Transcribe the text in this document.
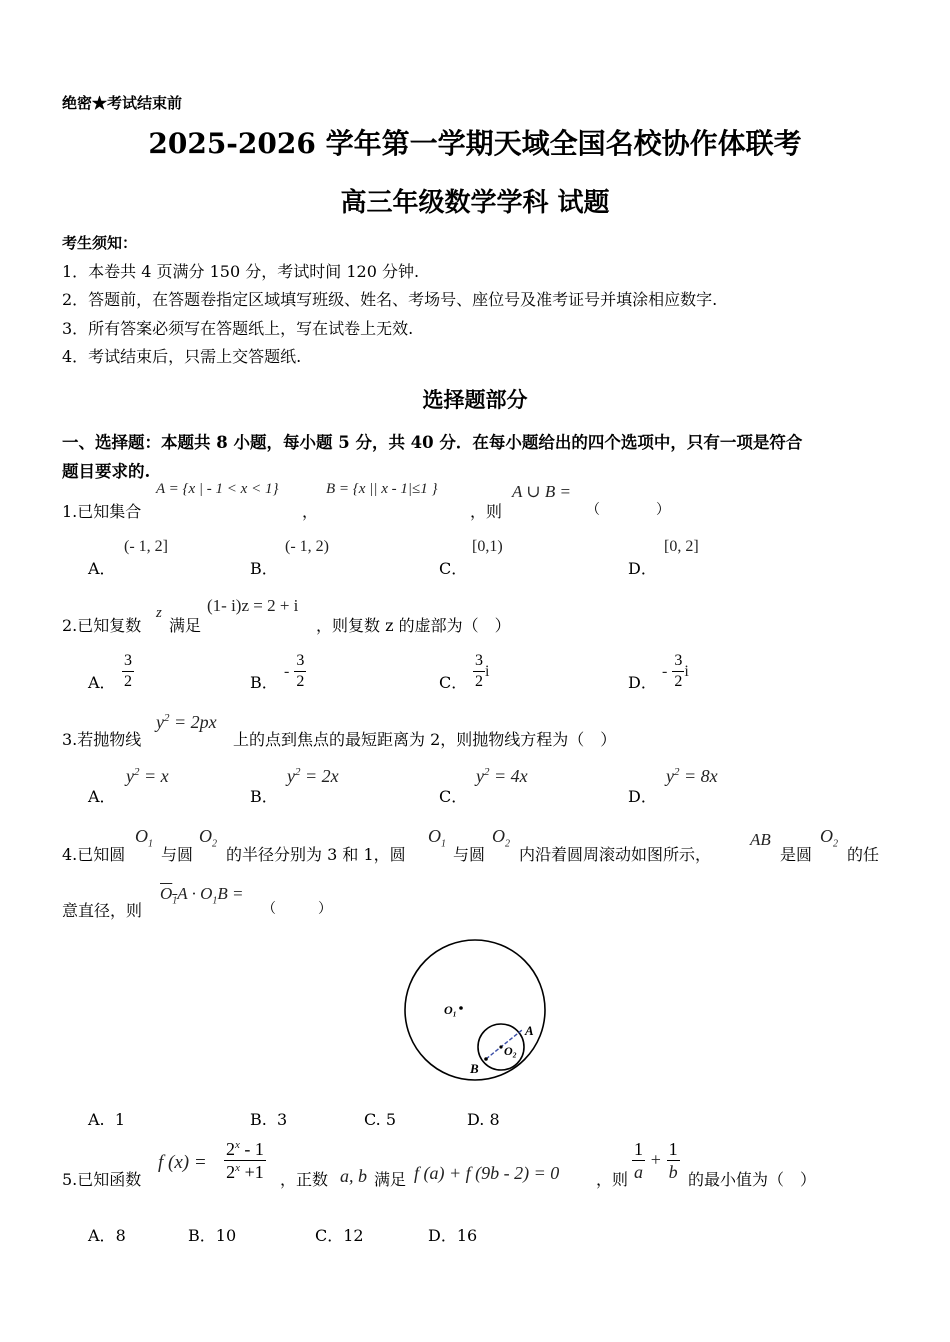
绝密★考试结束前
2025-2026 学年第一学期天域全国名校协作体联考
高三年级数学学科 试题
考生须知：
1．本卷共 4 页满分 150 分，考试时间 120 分钟.
2．答题前，在答题卷指定区域填写班级、姓名、考场号、座位号及准考证号并填涂相应数字.
3．所有答案必须写在答题纸上，写在试卷上无效.
4．考试结束后，只需上交答题纸.
选择题部分
一、选择题：本题共 8 小题，每小题 5 分，共 40 分．在每小题给出的四个选项中，只有一项是符合
题目要求的.
1.已知集合
A = {x | - 1 < x < 1}
，
B = {x || x - 1|≤1 }
，则
A ∪ B =
（　　　　）
A．
(- 1, 2]
B．
(- 1, 2)
C．
[0,1)
D．
[0, 2]
2.已知复数
z
满足
(1- i)z = 2 + i
，则复数 z 的虚部为（　）
A． $\frac{3}{2}$	B．
- $\frac{3}{2}$	C． $\frac{3}{2}$ i
D．
- $\frac{3}{2}$ i
3.若抛物线
$y^2 = 2px$
上的点到焦点的最短距离为 2，则抛物线方程为（　）
A．
$y^2 = x$
B．
$y^2 = 2x$
C．
$y^2 = 4x$
D．
$y^2 = 8x$
4.已知圆
$O_1$
与圆
$O_2$
的半径分别为 3 和 1，圆
$O_1$
与圆
$O_2$
内沿着圆周滚动如图所示，
AB
是圆
$O_2$
的任
意直径，则
$O_1A \cdot O_1B$ =
（　　　）
O₁
O₂
A
B
A. 1	B. 3	C. 5	D. 8
5.已知函数
f $(x) = \frac{2^x - 1}{2^x +1}$ ，正数 a, b 满足 f (a) + f (9b - 2) = 0 ，则 $\frac{1}{a} + \frac{1}{b}$ 的最小值为（　）
A．8	B．10	C．12	D．16
